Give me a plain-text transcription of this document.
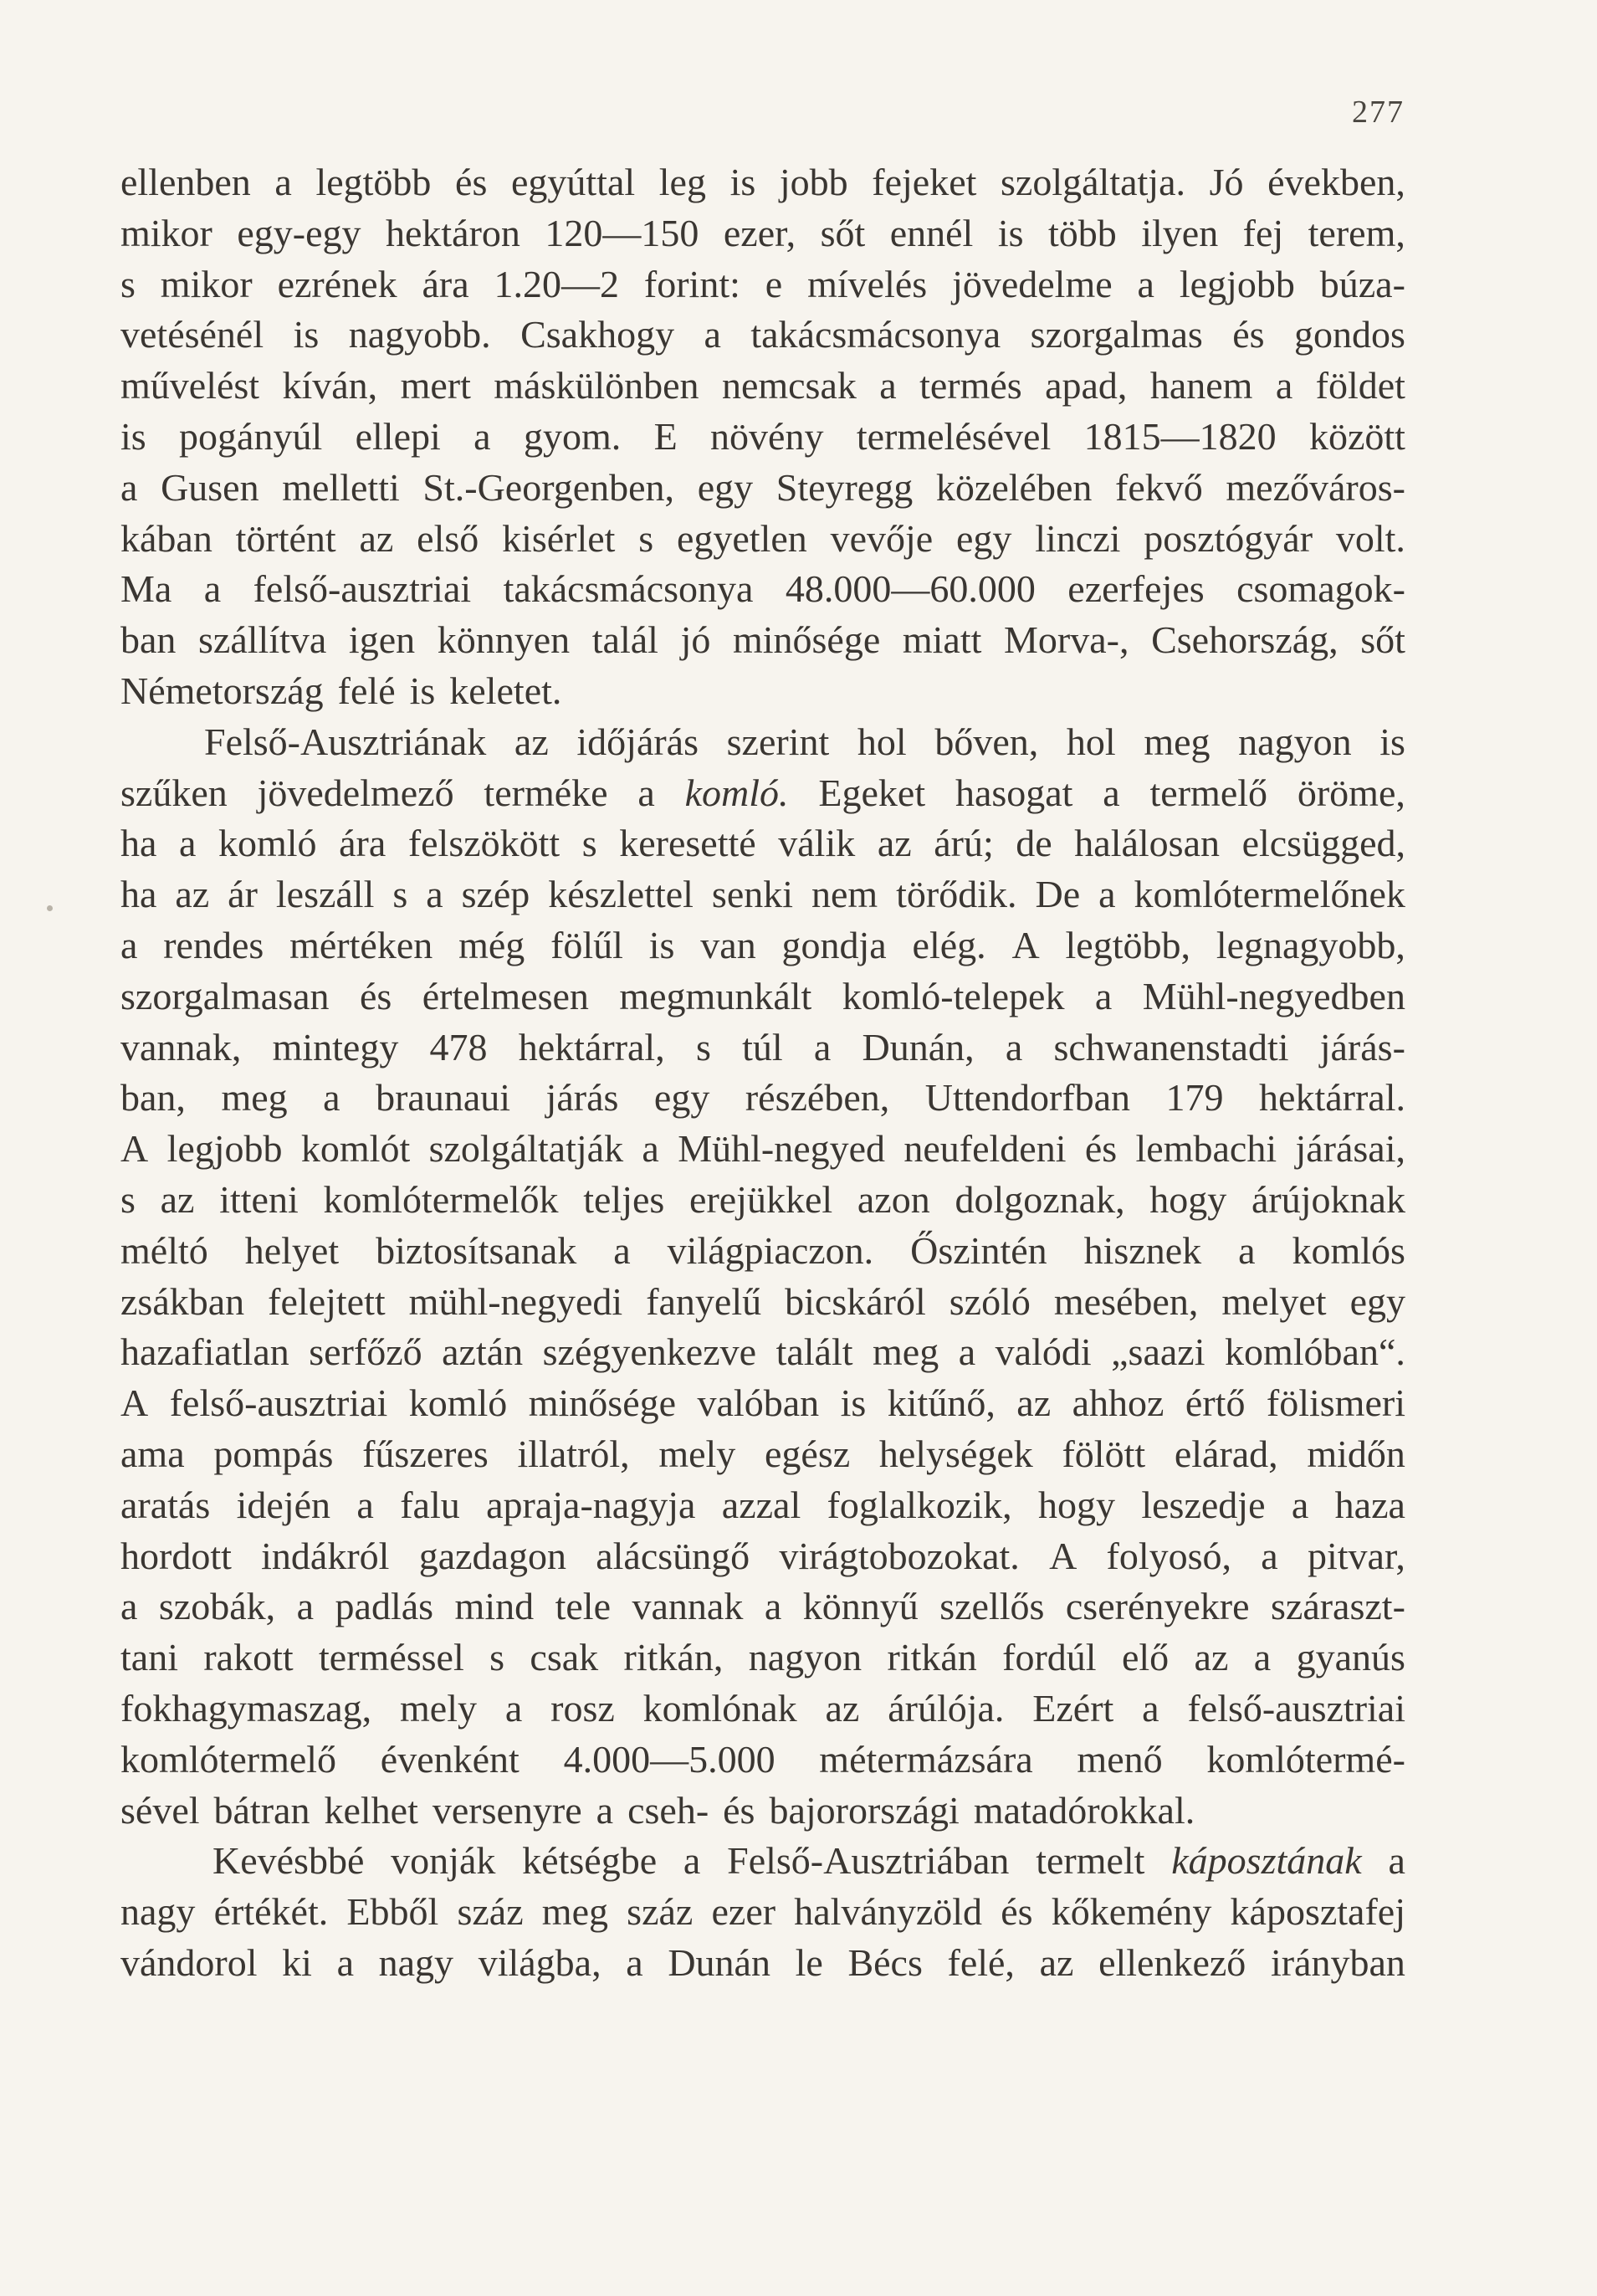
277
ellenben a legtöbb és egyúttal leg is jobb fejeket szolgáltatja. Jó években,
mikor egy-egy hektáron 120—150 ezer, sőt ennél is több ilyen fej terem,
s mikor ezrének ára 1.20—2 forint: e mívelés jövedelme a legjobb búza-
vetésénél is nagyobb. Csakhogy a takácsmácsonya szorgalmas és gondos
művelést kíván, mert máskülönben nemcsak a termés apad, hanem a földet
is pogányúl ellepi a gyom. E növény termelésével 1815—1820 között
a Gusen melletti St.-Georgenben, egy Steyregg közelében fekvő mezőváros-
kában történt az első kisérlet s egyetlen vevője egy linczi posztógyár volt.
Ma a felső-ausztriai takácsmácsonya 48.000—60.000 ezerfejes csomagok-
ban szállítva igen könnyen talál jó minősége miatt Morva-, Csehország, sőt
Németország felé is keletet.
Felső-Ausztriának az időjárás szerint hol bőven, hol meg nagyon is
szűken jövedelmező terméke a komló. Egeket hasogat a termelő öröme,
ha a komló ára felszökött s keresetté válik az árú; de halálosan elcsügged,
ha az ár leszáll s a szép készlettel senki nem törődik. De a komlótermelőnek
a rendes mértéken még fölűl is van gondja elég. A legtöbb, legnagyobb,
szorgalmasan és értelmesen megmunkált komló-telepek a Mühl-negyedben
vannak, mintegy 478 hektárral, s túl a Dunán, a schwanenstadti járás-
ban, meg a braunaui járás egy részében, Uttendorfban 179 hektárral.
A legjobb komlót szolgáltatják a Mühl-negyed neufeldeni és lembachi járásai,
s az itteni komlótermelők teljes erejükkel azon dolgoznak, hogy árújoknak
méltó helyet biztosítsanak a világpiaczon. Őszintén hisznek a komlós
zsákban felejtett mühl-negyedi fanyelű bicskáról szóló mesében, melyet egy
hazafiatlan serfőző aztán szégyenkezve talált meg a valódi „saazi komlóban“.
A felső-ausztriai komló minősége valóban is kitűnő, az ahhoz értő fölismeri
ama pompás fűszeres illatról, mely egész helységek fölött elárad, midőn
aratás idején a falu apraja-nagyja azzal foglalkozik, hogy leszedje a haza
hordott indákról gazdagon alácsüngő virágtobozokat. A folyosó, a pitvar,
a szobák, a padlás mind tele vannak a könnyű szellős cserényekre száraszt-
tani rakott terméssel s csak ritkán, nagyon ritkán fordúl elő az a gyanús
fokhagymaszag, mely a rosz komlónak az árúlója. Ezért a felső-ausztriai
komlótermelő évenként 4.000—5.000 métermázsára menő komlótermé-
sével bátran kelhet versenyre a cseh- és bajorországi matadórokkal.
Kevésbbé vonják kétségbe a Felső-Ausztriában termelt káposztának a
nagy értékét. Ebből száz meg száz ezer halványzöld és kőkemény káposztafej
vándorol ki a nagy világba, a Dunán le Bécs felé, az ellenkező irányban
